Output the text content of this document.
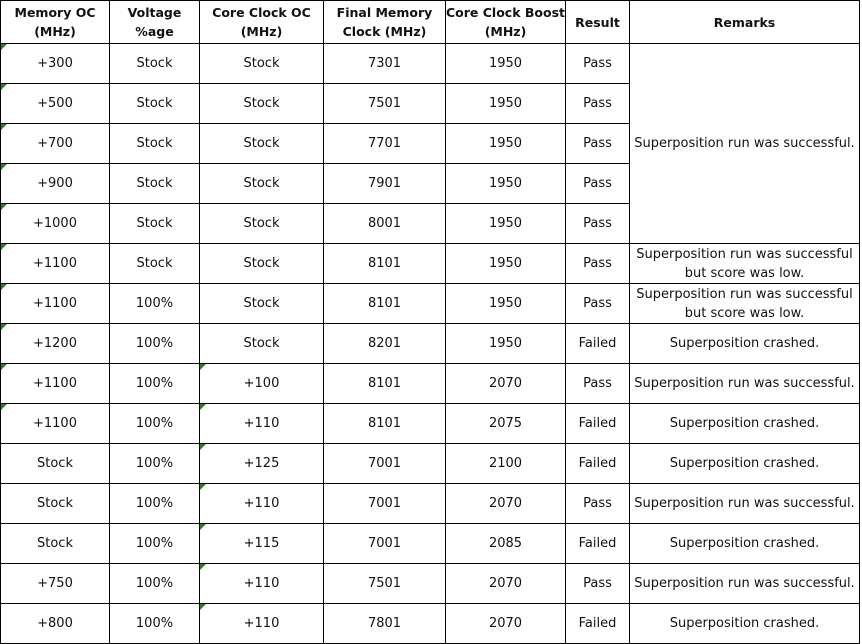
Memory OC (MHz)	Voltage %age	Core Clock OC (MHz)	Final Memory Clock (MHz)	Core Clock Boost (MHz)	Result	Remarks
+300	Stock	Stock	7301	1950	Pass	Superposition run was successful.
+500	Stock	Stock	7501	1950	Pass	
+700	Stock	Stock	7701	1950	Pass	
+900	Stock	Stock	7901	1950	Pass	
+1000	Stock	Stock	8001	1950	Pass	
+1100	Stock	Stock	8101	1950	Pass	Superposition run was successful but score was low.
+1100	100%	Stock	8101	1950	Pass	Superposition run was successful but score was low.
+1200	100%	Stock	8201	1950	Failed	Superposition crashed.
+1100	100%	+100	8101	2070	Pass	Superposition run was successful.
+1100	100%	+110	8101	2075	Failed	Superposition crashed.
Stock	100%	+125	7001	2100	Failed	Superposition crashed.
Stock	100%	+110	7001	2070	Pass	Superposition run was successful.
Stock	100%	+115	7001	2085	Failed	Superposition crashed.
+750	100%	+110	7501	2070	Pass	Superposition run was successful.
+800	100%	+110	7801	2070	Failed	Superposition crashed.
